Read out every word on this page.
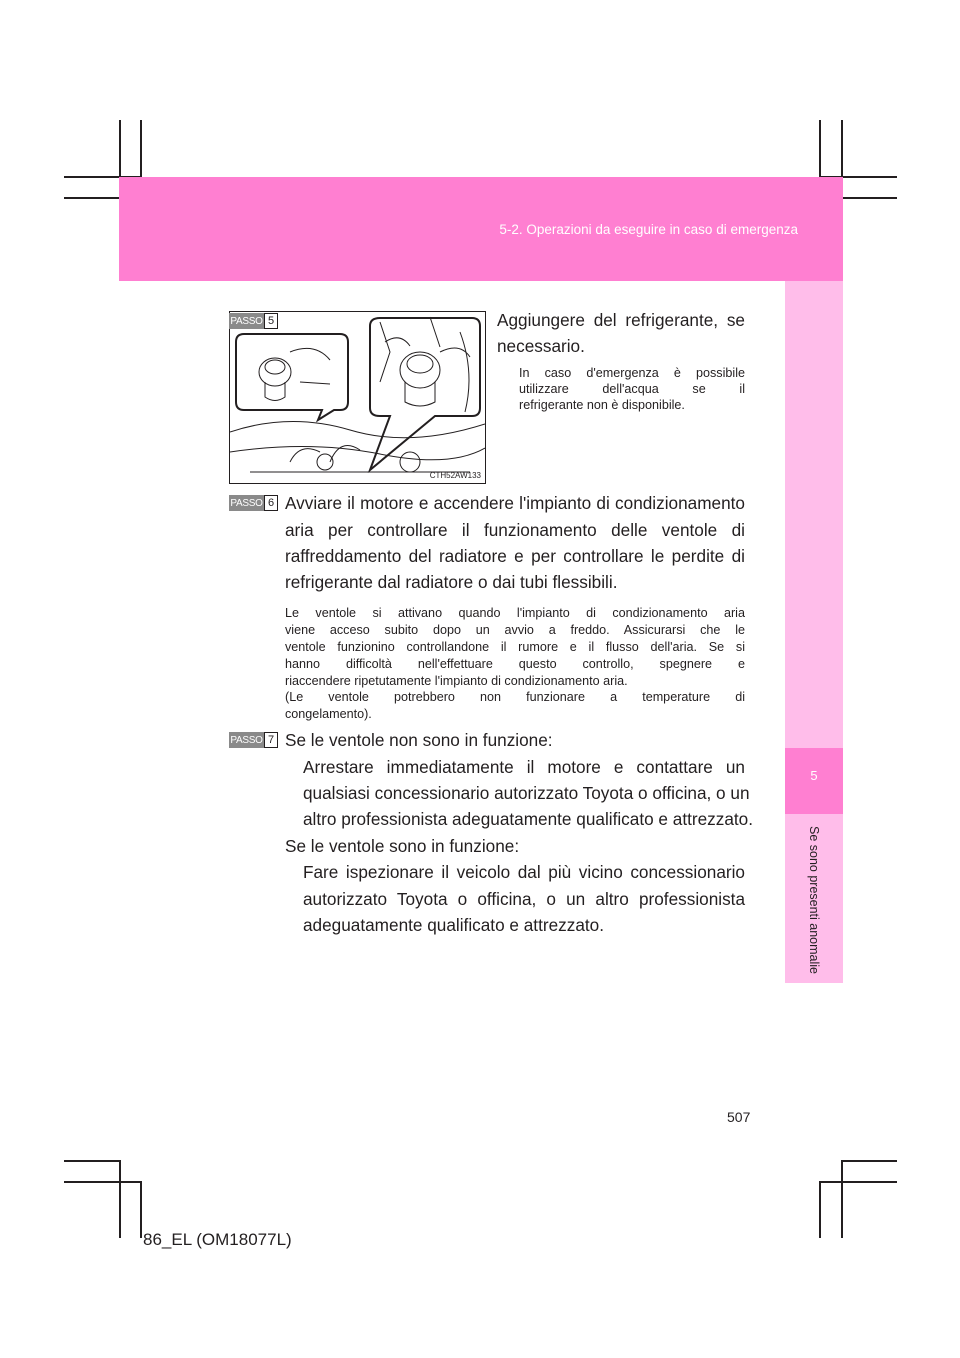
5-2. Operazioni da eseguire in caso di emergenza
5
Se sono presenti anomalie
PASSO 5
CTH52AW133
Aggiungere del refrigerante, se
necessario.
In caso d'emergenza è possibile
utilizzare dell'acqua se il
refrigerante non è disponibile.
PASSO 6 Avviare il motore e accendere l'impianto di condizionamento
aria per controllare il funzionamento delle ventole di
raffreddamento del radiatore e per controllare le perdite di
refrigerante dal radiatore o dai tubi flessibili.
Le ventole si attivano quando l'impianto di condizionamento aria
viene acceso subito dopo un avvio a freddo. Assicurarsi che le
ventole funzionino controllandone il rumore e il flusso dell'aria. Se si
hanno difficoltà nell'effettuare questo controllo, spegnere e
riaccendere ripetutamente l'impianto di condizionamento aria.
(Le ventole potrebbero non funzionare a temperature di
congelamento).
PASSO 7 Se le ventole non sono in funzione:
Arrestare immediatamente il motore e contattare un
qualsiasi concessionario autorizzato Toyota o officina, o un
altro professionista adeguatamente qualificato e attrezzato.
Se le ventole sono in funzione:
Fare ispezionare il veicolo dal più vicino concessionario
autorizzato Toyota o officina, o un altro professionista
adeguatamente qualificato e attrezzato.
507
86_EL (OM18077L)
